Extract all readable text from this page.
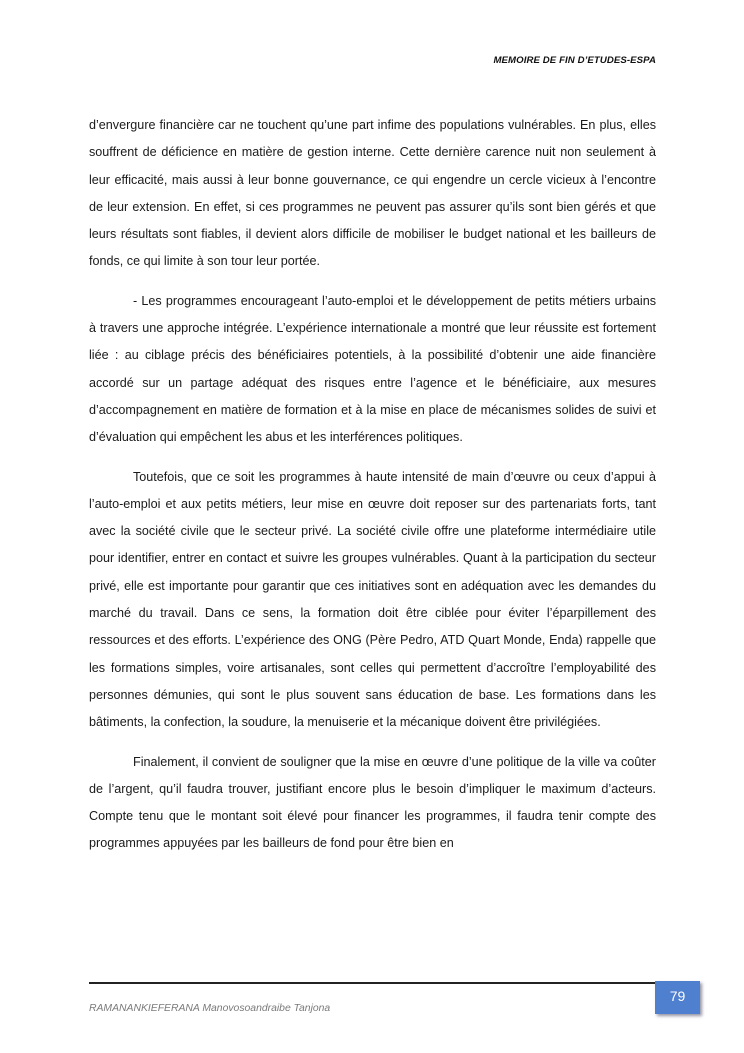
MEMOIRE DE FIN D’ETUDES-ESPA

d’envergure financière car ne touchent qu’une part infime des populations vulnérables. En plus, elles souffrent de déficience en matière de gestion interne. Cette dernière carence nuit non seulement à leur efficacité, mais aussi à leur bonne gouvernance, ce qui engendre un cercle vicieux à l’encontre de leur extension. En effet, si ces programmes ne peuvent pas assurer qu’ils sont bien gérés et que leurs résultats sont fiables, il devient alors difficile de mobiliser le budget national et les bailleurs de fonds, ce qui limite à son tour leur portée.

- Les programmes encourageant l’auto-emploi et le développement de petits métiers urbains à travers une approche intégrée. L’expérience internationale a montré que leur réussite est fortement liée : au ciblage précis des bénéficiaires potentiels, à la possibilité d’obtenir une aide financière accordé sur un partage adéquat des risques entre l’agence et le bénéficiaire, aux mesures d’accompagnement en matière de formation et à la mise en place de mécanismes solides de suivi et d’évaluation qui empêchent les abus et les interférences politiques.

Toutefois, que ce soit les programmes à haute intensité de main d’œuvre ou ceux d’appui à l’auto-emploi et aux petits métiers, leur mise en œuvre doit reposer sur des partenariats forts, tant avec la société civile que le secteur privé. La société civile offre une plateforme intermédiaire utile pour identifier, entrer en contact et suivre les groupes vulnérables. Quant à la participation du secteur privé, elle est importante pour garantir que ces initiatives sont en adéquation avec les demandes du marché du travail. Dans ce sens, la formation doit être ciblée pour éviter l’éparpillement des ressources et des efforts. L’expérience des ONG (Père Pedro, ATD Quart Monde, Enda) rappelle que les formations simples, voire artisanales, sont celles qui permettent d’accroître l’employabilité des personnes démunies, qui sont le plus souvent sans éducation de base. Les formations dans les bâtiments, la confection, la soudure, la menuiserie et la mécanique doivent être privilégiées.

Finalement, il convient de souligner que la mise en œuvre d’une politique de la ville va coûter de l’argent, qu’il faudra trouver, justifiant encore plus le besoin d’impliquer le maximum d’acteurs. Compte tenu que le montant soit élevé pour financer les programmes, il faudra tenir compte des programmes appuyées par les bailleurs de fond pour être bien en

79
RAMANANKIEFERANA Manovosoandraibe Tanjona
